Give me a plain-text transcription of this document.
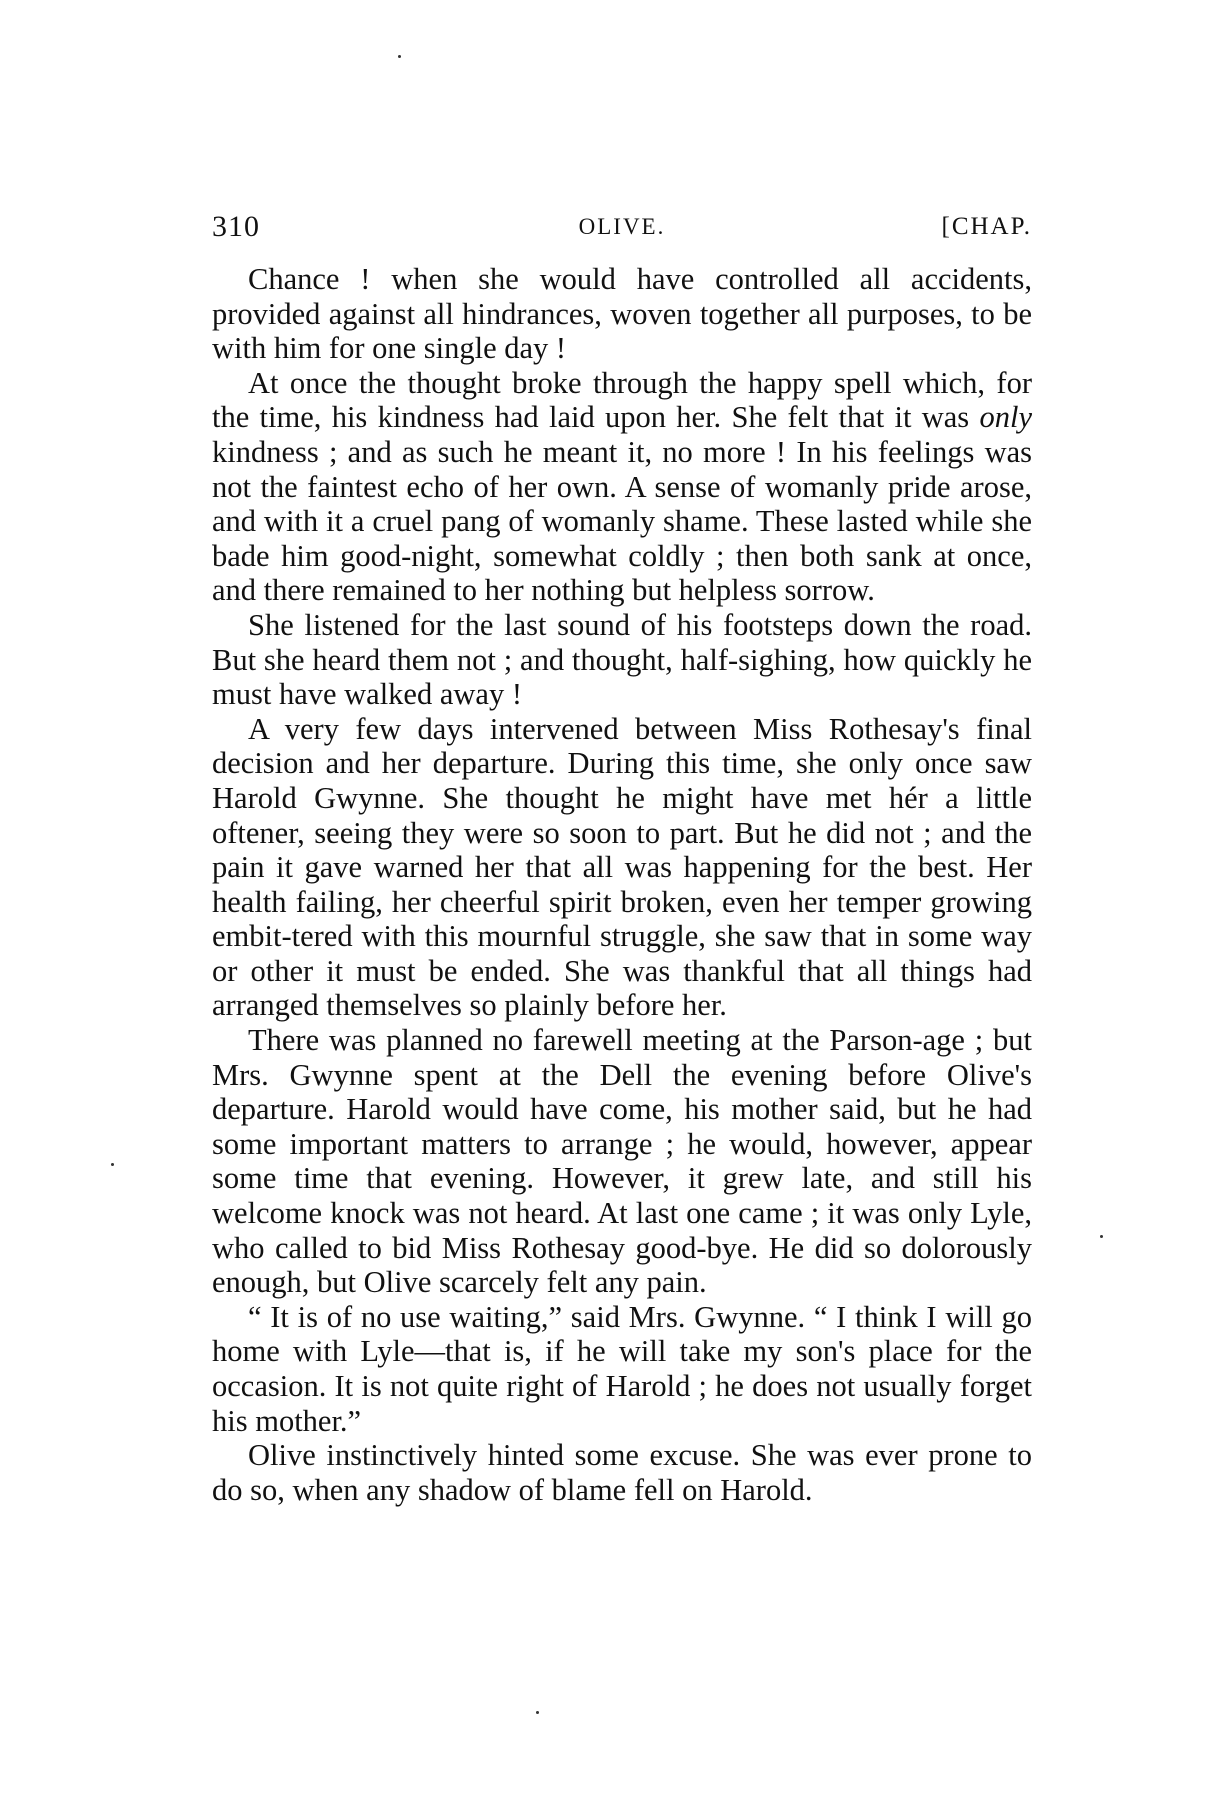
310	OLIVE.	[CHAP.

Chance ! when she would have controlled all accidents, provided against all hindrances, woven together all purposes, to be with him for one single day !

At once the thought broke through the happy spell which, for the time, his kindness had laid upon her. She felt that it was only kindness ; and as such he meant it, no more ! In his feelings was not the faintest echo of her own. A sense of womanly pride arose, and with it a cruel pang of womanly shame. These lasted while she bade him good-night, somewhat coldly ; then both sank at once, and there remained to her nothing but helpless sorrow.

She listened for the last sound of his footsteps down the road. But she heard them not ; and thought, half-sighing, how quickly he must have walked away !

A very few days intervened between Miss Rothesay's final decision and her departure. During this time, she only once saw Harold Gwynne. She thought he might have met hér a little oftener, seeing they were so soon to part. But he did not ; and the pain it gave warned her that all was happening for the best. Her health failing, her cheerful spirit broken, even her temper growing embit-tered with this mournful struggle, she saw that in some way or other it must be ended. She was thankful that all things had arranged themselves so plainly before her.

There was planned no farewell meeting at the Parson-age ; but Mrs. Gwynne spent at the Dell the evening before Olive's departure. Harold would have come, his mother said, but he had some important matters to arrange ; he would, however, appear some time that evening. However, it grew late, and still his welcome knock was not heard. At last one came ; it was only Lyle, who called to bid Miss Rothesay good-bye. He did so dolorously enough, but Olive scarcely felt any pain.

“ It is of no use waiting,” said Mrs. Gwynne. “ I think I will go home with Lyle—that is, if he will take my son's place for the occasion. It is not quite right of Harold ; he does not usually forget his mother.”

Olive instinctively hinted some excuse. She was ever prone to do so, when any shadow of blame fell on Harold.
